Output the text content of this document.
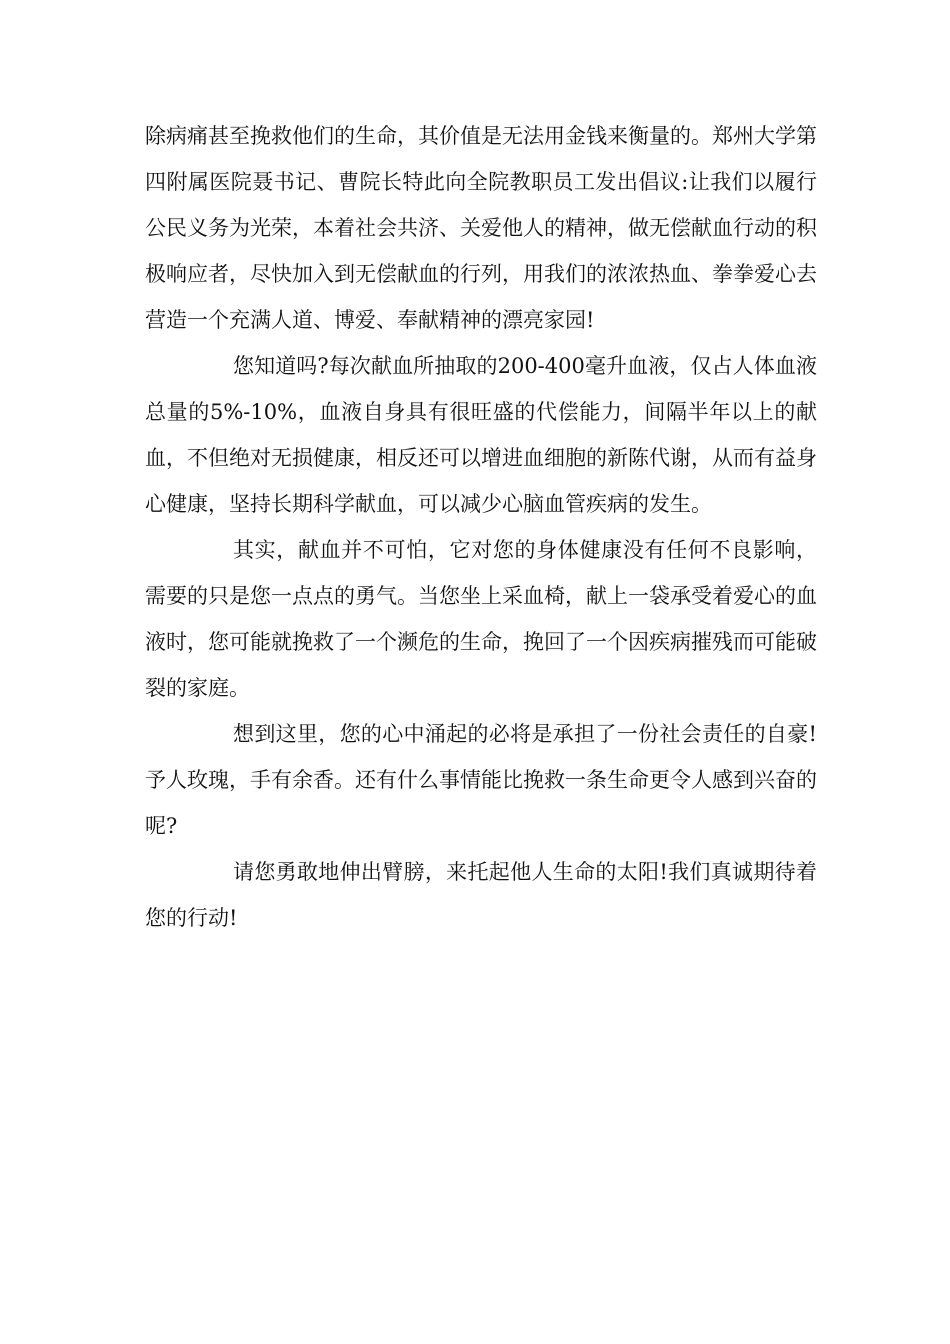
除病痛甚至挽救他们的生命，其价值是无法用金钱来衡量的。郑州大学第四附属医院聂书记、曹院长特此向全院教职员工发出倡议:让我们以履行公民义务为光荣，本着社会共济、关爱他人的精神，做无偿献血行动的积极响应者，尽快加入到无偿献血的行列，用我们的浓浓热血、拳拳爱心去营造一个充满人道、博爱、奉献精神的漂亮家园!

您知道吗?每次献血所抽取的200-400毫升血液，仅占人体血液总量的5%-10%，血液自身具有很旺盛的代偿能力，间隔半年以上的献血，不但绝对无损健康，相反还可以增进血细胞的新陈代谢，从而有益身心健康，坚持长期科学献血，可以减少心脑血管疾病的发生。

其实，献血并不可怕，它对您的身体健康没有任何不良影响，需要的只是您一点点的勇气。当您坐上采血椅，献上一袋承受着爱心的血液时，您可能就挽救了一个濒危的生命，挽回了一个因疾病摧残而可能破裂的家庭。

想到这里，您的心中涌起的必将是承担了一份社会责任的自豪!予人玫瑰，手有余香。还有什么事情能比挽救一条生命更令人感到兴奋的呢?

请您勇敢地伸出臂膀，来托起他人生命的太阳!我们真诚期待着您的行动!
